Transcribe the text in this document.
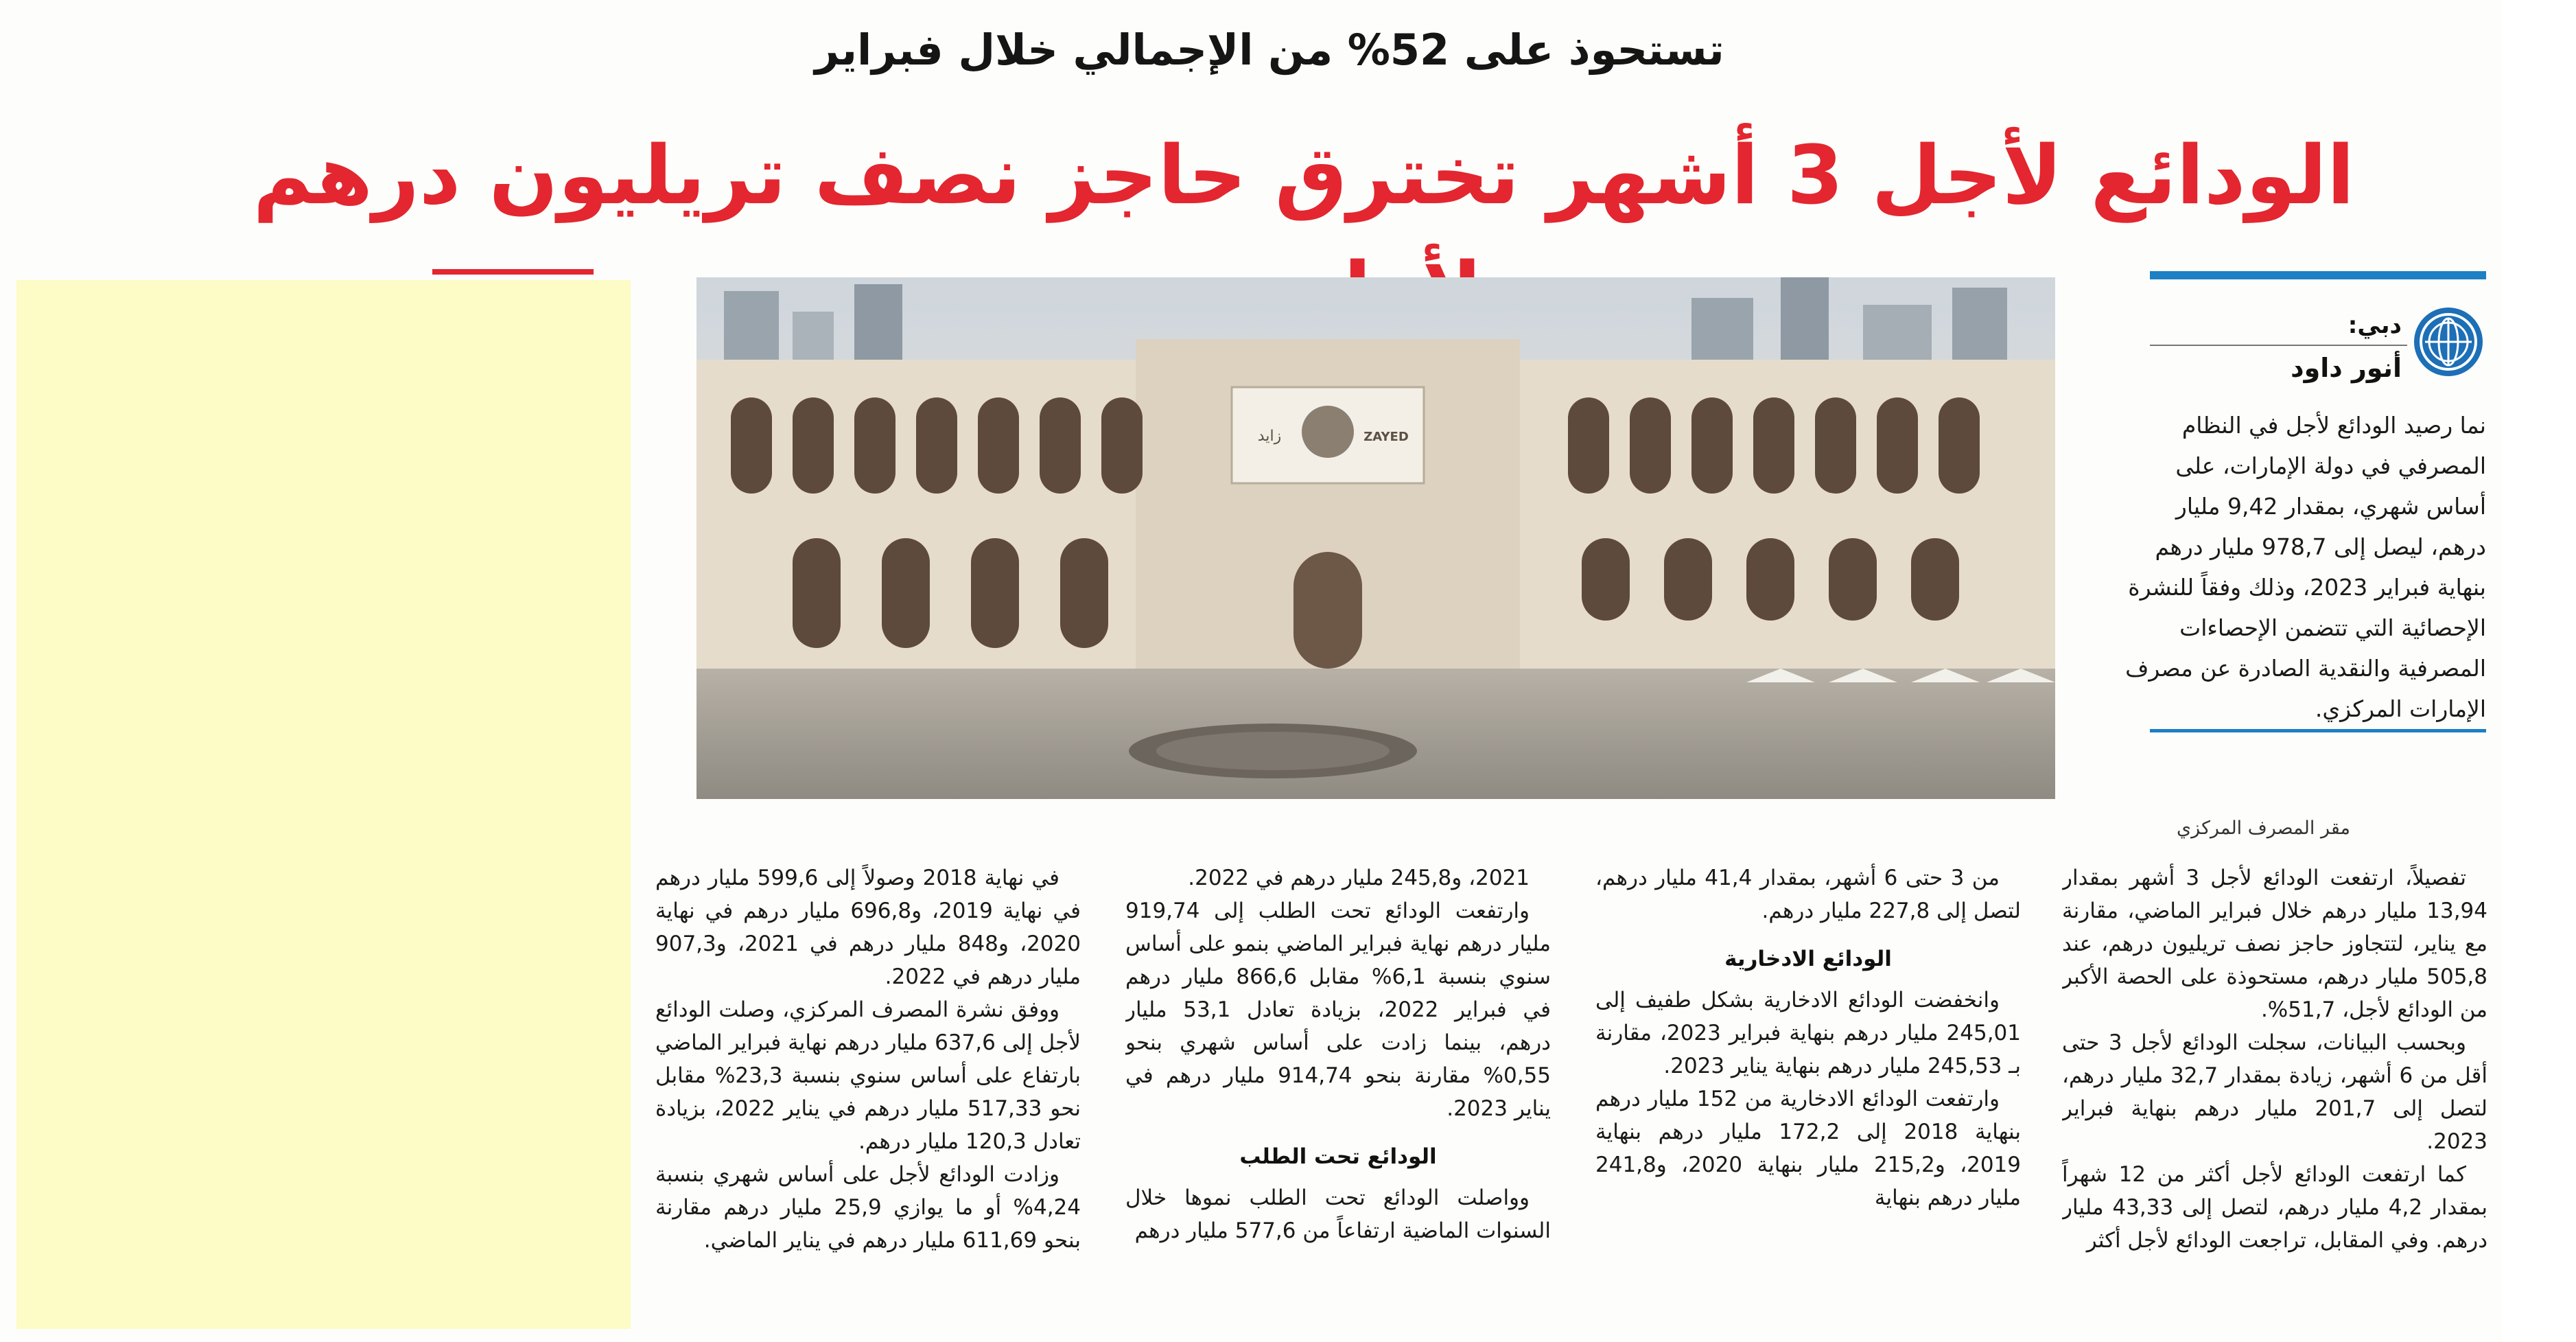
تستحوذ على 52% من الإجمالي خلال فبراير
الودائع لأجل 3 أشهر تخترق حاجز نصف تريليون درهم
زايد	ZAYED
مقر المصرف المركزي
دبي:
أنور داود

نما رصيد الودائع لأجل في النظام المصرفي في دولة الإمارات، على أساس شهري، بمقدار 9,42 مليار درهم، ليصل إلى 978,7 مليار درهم بنهاية فبراير 2023، وذلك وفقاً للنشرة الإحصائية التي تتضمن الإحصاءات المصرفية والنقدية الصادرة عن مصرف الإمارات المركزي.

تفصيلاً، ارتفعت الودائع لأجل 3 أشهر بمقدار 13,94 مليار درهم خلال فبراير الماضي، مقارنة مع يناير، لتتجاوز حاجز نصف تريليون درهم، عند 505,8 مليار درهم، مستحوذة على الحصة الأكبر من الودائع لأجل، 51,7%.

وبحسب البيانات، سجلت الودائع لأجل 3 حتى أقل من 6 أشهر، زيادة بمقدار 32,7 مليار درهم، لتصل إلى 201,7 مليار درهم بنهاية فبراير 2023.

كما ارتفعت الودائع لأجل أكثر من 12 شهراً بمقدار 4,2 مليار درهم، لتصل إلى 43,33 مليار درهم. وفي المقابل، تراجعت الودائع لأجل أكثر

من 3 حتى 6 أشهر، بمقدار 41,4 مليار درهم، لتصل إلى 227,8 مليار درهم.

الودائع الادخارية

وانخفضت الودائع الادخارية بشكل طفيف إلى 245,01 مليار درهم بنهاية فبراير 2023، مقارنة بـ 245,53 مليار درهم بنهاية يناير 2023.

وارتفعت الودائع الادخارية من 152 مليار درهم بنهاية 2018 إلى 172,2 مليار درهم بنهاية 2019، و215,2 مليار بنهاية 2020، و241,8 مليار درهم بنهاية

2021، و245,8 مليار درهم في 2022.

وارتفعت الودائع تحت الطلب إلى 919,74 مليار درهم نهاية فبراير الماضي بنمو على أساس سنوي بنسبة 6,1% مقابل 866,6 مليار درهم في فبراير 2022، بزيادة تعادل 53,1 مليار درهم، بينما زادت على أساس شهري بنحو 0,55% مقارنة بنحو 914,74 مليار درهم في يناير 2023.

الودائع تحت الطلب

وواصلت الودائع تحت الطلب نموها خلال السنوات الماضية ارتفاعاً من 577,6 مليار درهم

في نهاية 2018 وصولاً إلى 599,6 مليار درهم في نهاية 2019، و696,8 مليار درهم في نهاية 2020، و848 مليار درهم في 2021، و907,3 مليار درهم في 2022.

ووفق نشرة المصرف المركزي، وصلت الودائع لأجل إلى 637,6 مليار درهم نهاية فبراير الماضي بارتفاع على أساس سنوي بنسبة 23,3% مقابل نحو 517,33 مليار درهم في يناير 2022، بزيادة تعادل 120,3 مليار درهم.

وزادت الودائع لأجل على أساس شهري بنسبة 4,24% أو ما يوازي 25,9 مليار درهم مقارنة بنحو 611,69 مليار درهم في يناير الماضي.
